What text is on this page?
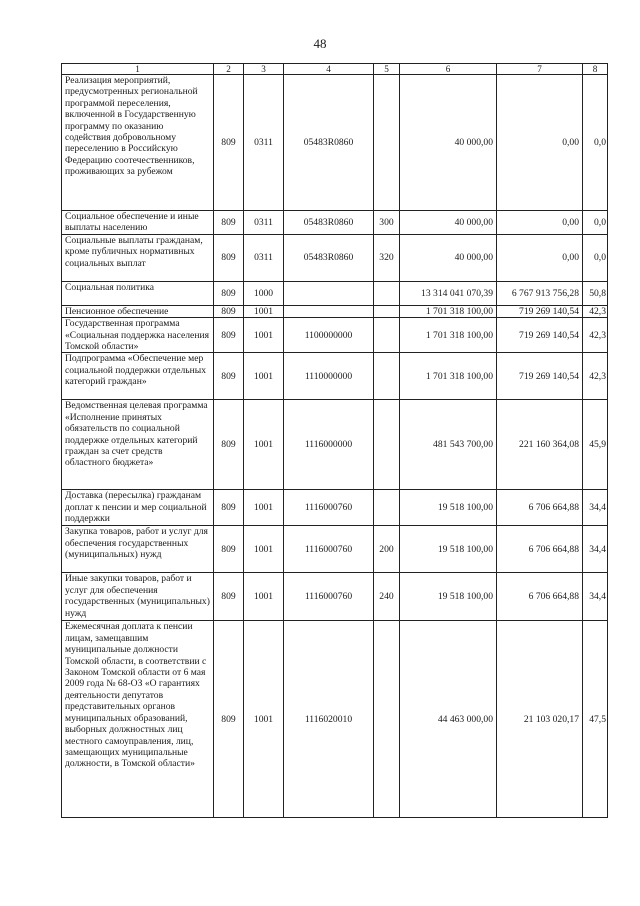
48
1	2	3	4	5	6	7	8
Реализация мероприятий, предусмотренных региональной программой переселения, включенной в Государственную программу по оказанию содействия добровольному переселению в Российскую Федерацию соотечественников, проживающих за рубежом	809	0311	05483R0860		40 000,00	0,00	0,0
Социальное обеспечение и иные выплаты населению	809	0311	05483R0860	300	40 000,00	0,00	0,0
Социальные выплаты гражданам, кроме публичных нормативных социальных выплат	809	0311	05483R0860	320	40 000,00	0,00	0,0
Социальная политика	809	1000			13 314 041 070,39	6 767 913 756,28	50,8
Пенсионное обеспечение	809	1001			1 701 318 100,00	719 269 140,54	42,3
Государственная программа «Социальная поддержка населения Томской области»	809	1001	1100000000		1 701 318 100,00	719 269 140,54	42,3
Подпрограмма «Обеспечение мер социальной поддержки отдельных категорий граждан»	809	1001	1110000000		1 701 318 100,00	719 269 140,54	42,3
Ведомственная целевая программа «Исполнение принятых обязательств по социальной поддержке отдельных категорий граждан за счет средств областного бюджета»	809	1001	1116000000		481 543 700,00	221 160 364,08	45,9
Доставка (пересылка) гражданам доплат к пенсии и мер социальной поддержки	809	1001	1116000760		19 518 100,00	6 706 664,88	34,4
Закупка товаров, работ и услуг для обеспечения государственных (муниципальных) нужд	809	1001	1116000760	200	19 518 100,00	6 706 664,88	34,4
Иные закупки товаров, работ и услуг для обеспечения государственных (муниципальных) нужд	809	1001	1116000760	240	19 518 100,00	6 706 664,88	34,4
Ежемесячная доплата к пенсии лицам, замещавшим муниципальные должности Томской области, в соответствии с Законом Томской области от 6 мая 2009 года № 68-ОЗ «О гарантиях деятельности депутатов представительных органов муниципальных образований, выборных должностных лиц местного самоуправления, лиц, замещающих муниципальные должности, в Томской области»	809	1001	1116020010		44 463 000,00	21 103 020,17	47,5
